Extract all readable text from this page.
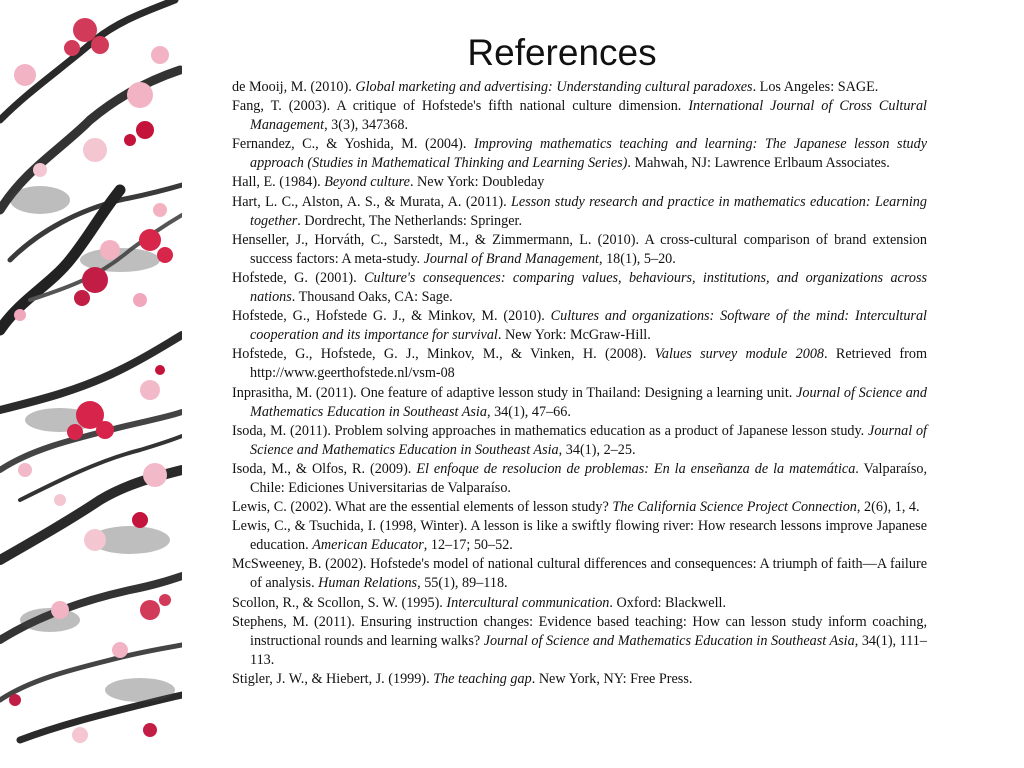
References
de Mooij, M. (2010). Global marketing and advertising: Understanding cultural paradoxes. Los Angeles: SAGE.
Fang, T. (2003). A critique of Hofstede's fifth national culture dimension. International Journal of Cross Cultural Management, 3(3), 347368.
Fernandez, C., & Yoshida, M. (2004). Improving mathematics teaching and learning: The Japanese lesson study approach (Studies in Mathematical Thinking and Learning Series). Mahwah, NJ: Lawrence Erlbaum Associates.
Hall, E. (1984). Beyond culture. New York: Doubleday
Hart, L. C., Alston, A. S., & Murata, A. (2011). Lesson study research and practice in mathematics education: Learning together. Dordrecht, The Netherlands: Springer.
Henseller, J., Horváth, C., Sarstedt, M., & Zimmermann, L. (2010). A cross-cultural comparison of brand extension success factors: A meta-study. Journal of Brand Management, 18(1), 5–20.
Hofstede, G. (2001). Culture's consequences: comparing values, behaviours, institutions, and organizations across nations. Thousand Oaks, CA: Sage.
Hofstede, G., Hofstede G. J., & Minkov, M. (2010). Cultures and organizations: Software of the mind: Intercultural cooperation and its importance for survival. New York: McGraw-Hill.
Hofstede, G., Hofstede, G. J., Minkov, M., & Vinken, H. (2008). Values survey module 2008. Retrieved from http://www.geerthofstede.nl/vsm-08
Inprasitha, M. (2011). One feature of adaptive lesson study in Thailand: Designing a learning unit. Journal of Science and Mathematics Education in Southeast Asia, 34(1), 47–66.
Isoda, M. (2011). Problem solving approaches in mathematics education as a product of Japanese lesson study. Journal of Science and Mathematics Education in Southeast Asia, 34(1), 2–25.
Isoda, M., & Olfos, R. (2009). El enfoque de resolucion de problemas: En la enseñanza de la matemática. Valparaíso, Chile: Ediciones Universitarias de Valparaíso.
Lewis, C. (2002). What are the essential elements of lesson study? The California Science Project Connection, 2(6), 1, 4.
Lewis, C., & Tsuchida, I. (1998, Winter). A lesson is like a swiftly flowing river: How research lessons improve Japanese education. American Educator, 12–17; 50–52.
McSweeney, B. (2002). Hofstede's model of national cultural differences and consequences: A triumph of faith—A failure of analysis. Human Relations, 55(1), 89–118.
Scollon, R., & Scollon, S. W. (1995). Intercultural communication. Oxford: Blackwell.
Stephens, M. (2011). Ensuring instruction changes: Evidence based teaching: How can lesson study inform coaching, instructional rounds and learning walks? Journal of Science and Mathematics Education in Southeast Asia, 34(1), 111–113.
Stigler, J. W., & Hiebert, J. (1999). The teaching gap. New York, NY: Free Press.
